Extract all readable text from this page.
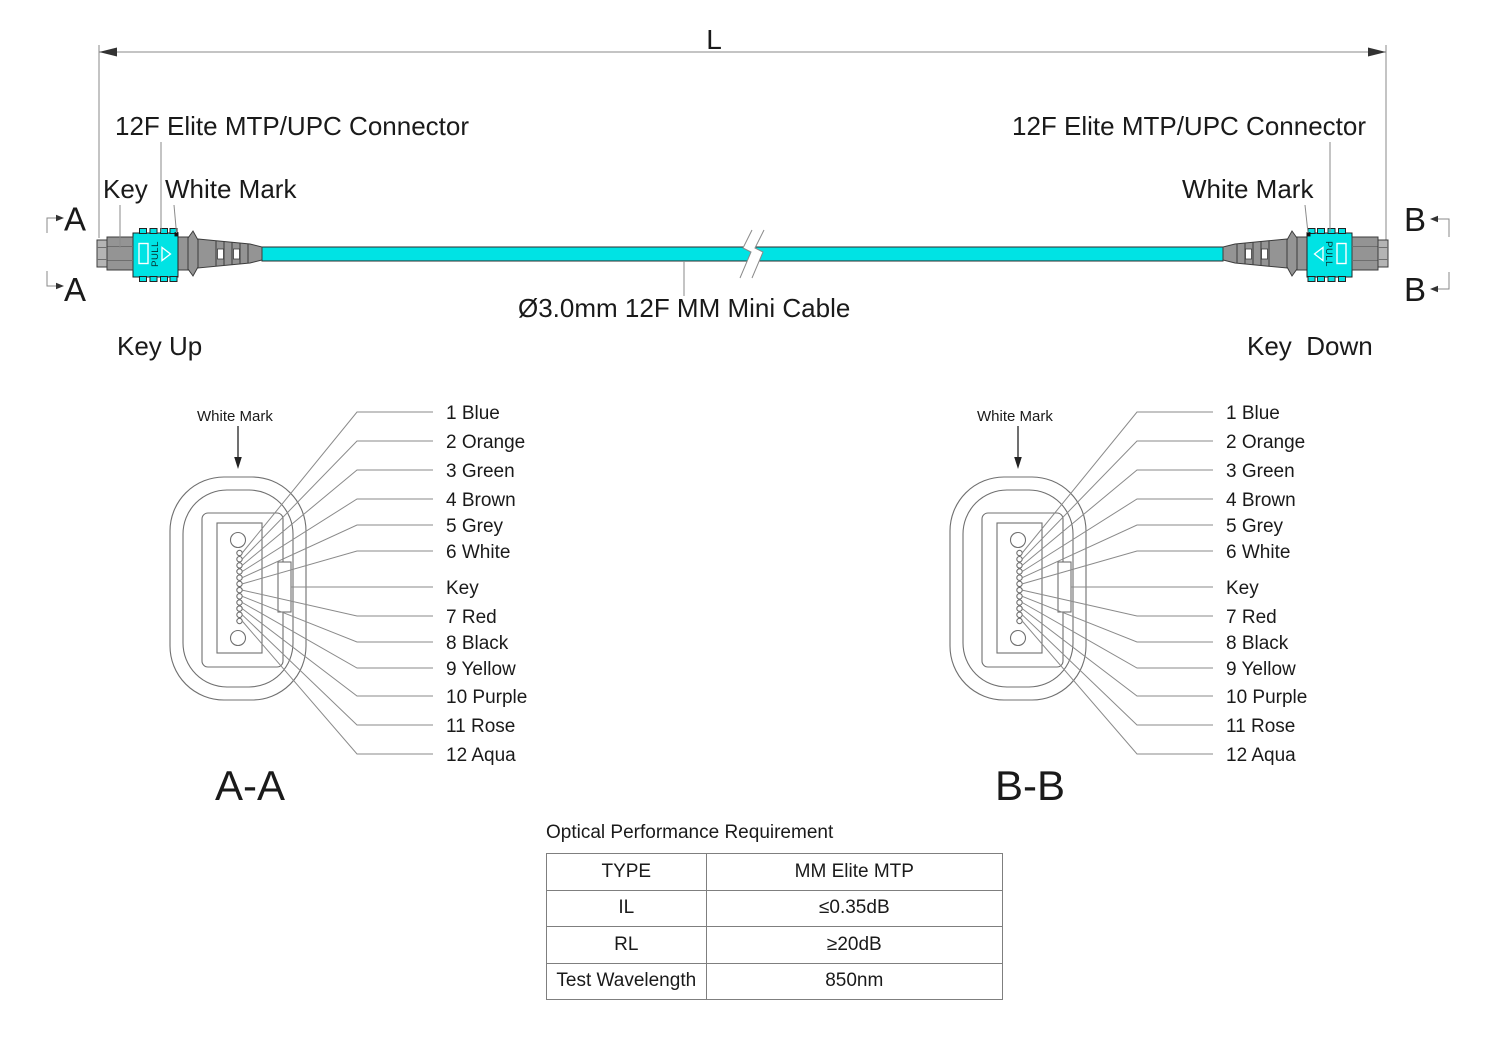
L
PULL	PULL
12F Elite MTP/UPC Connector
Key White Mark
12F Elite MTP/UPC Connector
White Mark
Ø3.0mm 12F MM Mini Cable
Key Up	Key  Down
A
A
B
B
White Mark	1 Blue
2 Orange
3 Green
4 Brown
5 Grey
6 White
Key
7 Red
8 Black
9 Yellow
10 Purple
11 Rose
12 Aqua
A-A
White Mark	1 Blue
2 Orange
3 Green
4 Brown
5 Grey
6 White
Key
7 Red
8 Black
9 Yellow
10 Purple
11 Rose
12 Aqua
B-B
Optical Performance Requirement
TYPE	MM Elite MTP
IL	≤0.35dB
RL	≥20dB
Test Wavelength	850nm
